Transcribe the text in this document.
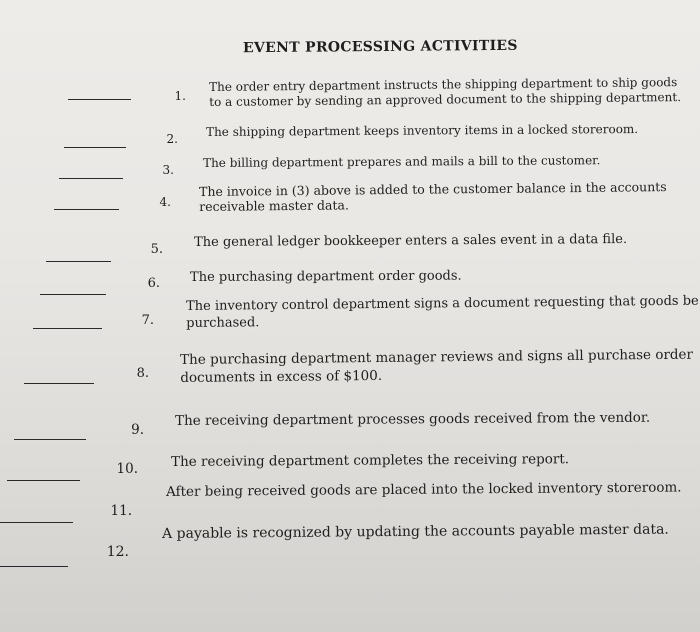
EVENT PROCESSING ACTIVITIES
1.
The order entry department instructs the shipping department to ship goods
to a customer by sending an approved document to the shipping department.
2.
The shipping department keeps inventory items in a locked storeroom.
3.
The billing department prepares and mails a bill to the customer.
4.
The invoice in (3) above is added to the customer balance in the accounts
receivable master data.
5. The general ledger bookkeeper enters a sales event in a data file.
6. The purchasing department order goods.
7.
The inventory control department signs a document requesting that goods be
purchased.
8.
The purchasing department manager reviews and signs all purchase order
documents in excess of $100.
9.
The receiving department processes goods received from the vendor.
10. The receiving department completes the receiving report.
11.
After being received goods are placed into the locked inventory storeroom.
12.
A payable is recognized by updating the accounts payable master data.
